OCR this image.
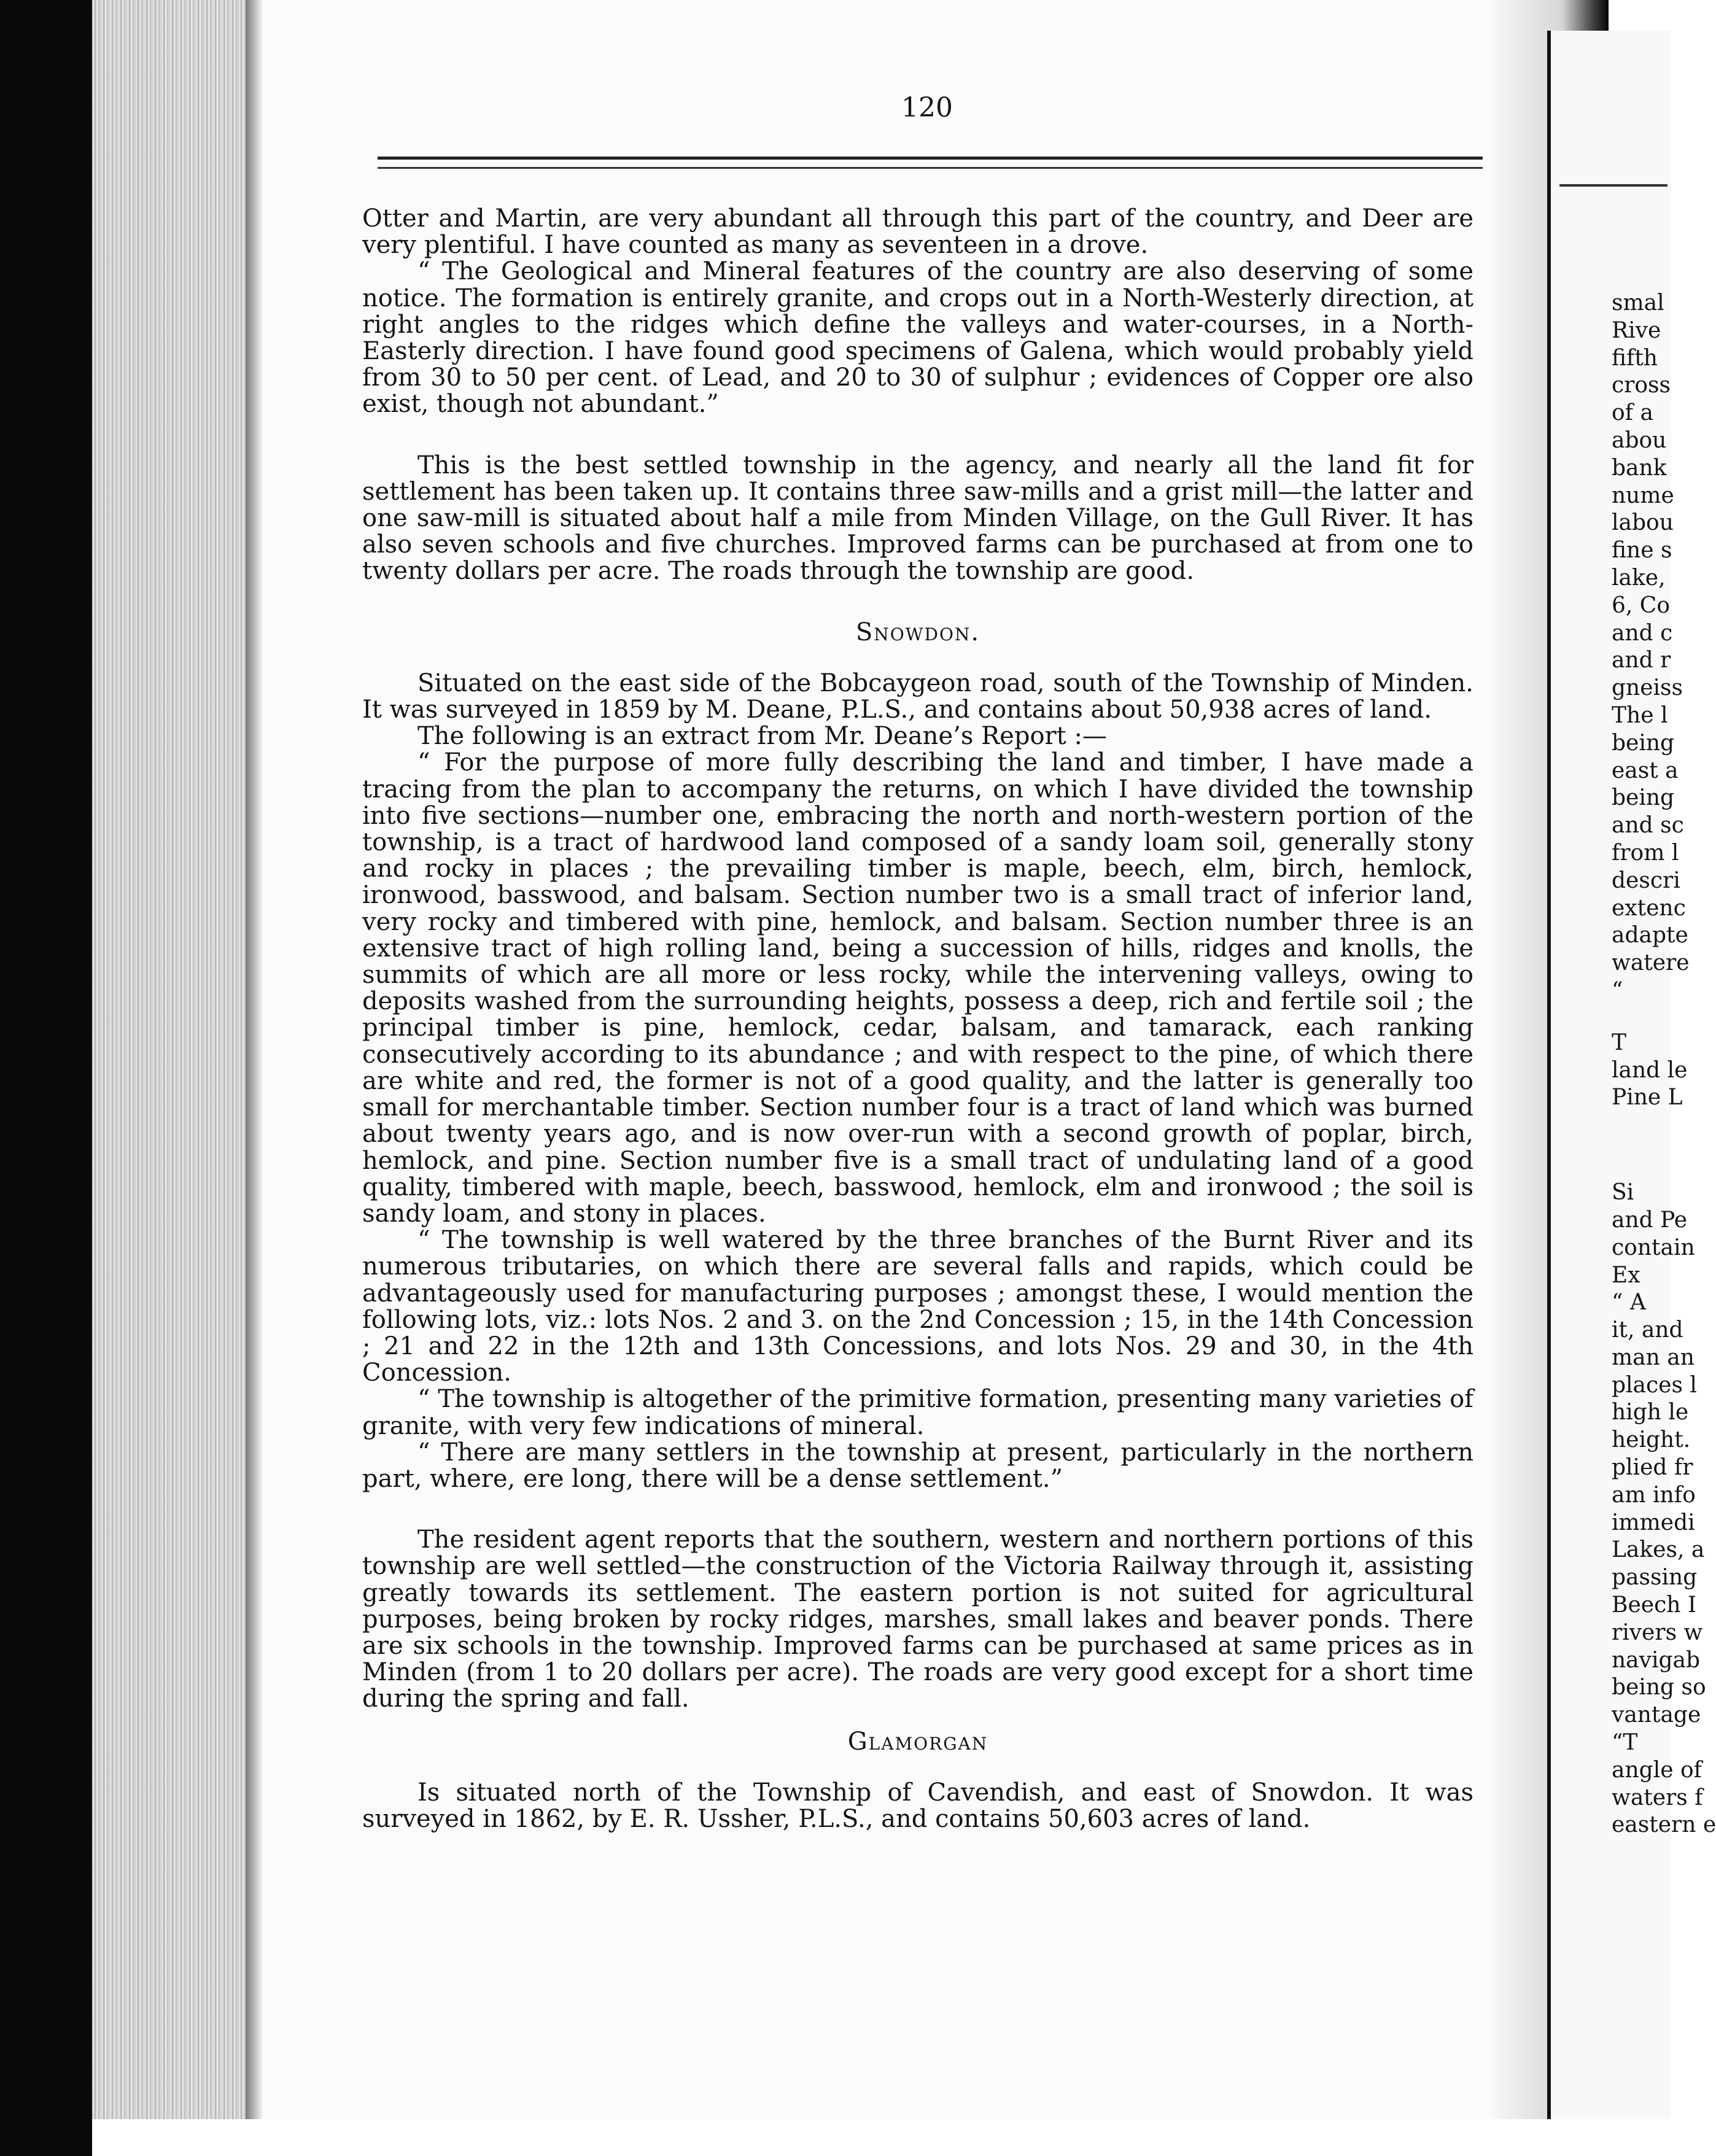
120

Otter and Martin, are very abundant all through this part of the country, and Deer are very plentiful. I have counted as many as seventeen in a drove.

“ The Geological and Mineral features of the country are also deserving of some notice. The formation is entirely granite, and crops out in a North-Westerly direction, at right angles to the ridges which define the valleys and water-courses, in a North-Easterly direction. I have found good specimens of Galena, which would probably yield from 30 to 50 per cent. of Lead, and 20 to 30 of sulphur ; evidences of Copper ore also exist, though not abundant.”

This is the best settled township in the agency, and nearly all the land fit for settlement has been taken up. It contains three saw-mills and a grist mill—the latter and one saw-mill is situated about half a mile from Minden Village, on the Gull River. It has also seven schools and five churches. Improved farms can be purchased at from one to twenty dollars per acre. The roads through the township are good.

Snowdon.

Situated on the east side of the Bobcaygeon road, south of the Township of Minden. It was surveyed in 1859 by M. Deane, P.L.S., and contains about 50,938 acres of land.

The following is an extract from Mr. Deane’s Report :—

“ For the purpose of more fully describing the land and timber, I have made a tracing from the plan to accompany the returns, on which I have divided the township into five sections—number one, embracing the north and north-western portion of the township, is a tract of hardwood land composed of a sandy loam soil, generally stony and rocky in places ; the prevailing timber is maple, beech, elm, birch, hemlock, ironwood, basswood, and balsam. Section number two is a small tract of inferior land, very rocky and timbered with pine, hemlock, and balsam. Section number three is an extensive tract of high rolling land, being a succession of hills, ridges and knolls, the summits of which are all more or less rocky, while the intervening valleys, owing to deposits washed from the surrounding heights, possess a deep, rich and fertile soil ; the principal timber is pine, hemlock, cedar, balsam, and tamarack, each ranking consecutively according to its abundance ; and with respect to the pine, of which there are white and red, the former is not of a good quality, and the latter is generally too small for merchantable timber. Section number four is a tract of land which was burned about twenty years ago, and is now over-run with a second growth of poplar, birch, hemlock, and pine. Section number five is a small tract of undulating land of a good quality, timbered with maple, beech, basswood, hemlock, elm and ironwood ; the soil is sandy loam, and stony in places.

“ The township is well watered by the three branches of the Burnt River and its numerous tributaries, on which there are several falls and rapids, which could be advantageously used for manufacturing purposes ; amongst these, I would mention the following lots, viz.: lots Nos. 2 and 3. on the 2nd Concession ; 15, in the 14th Concession ; 21 and 22 in the 12th and 13th Concessions, and lots Nos. 29 and 30, in the 4th Concession.

“ The township is altogether of the primitive formation, presenting many varieties of granite, with very few indications of mineral.

“ There are many settlers in the township at present, particularly in the northern part, where, ere long, there will be a dense settlement.”

The resident agent reports that the southern, western and northern portions of this township are well settled—the construction of the Victoria Railway through it, assisting greatly towards its settlement. The eastern portion is not suited for agricultural purposes, being broken by rocky ridges, marshes, small lakes and beaver ponds. There are six schools in the township. Improved farms can be purchased at same prices as in Minden (from 1 to 20 dollars per acre). The roads are very good except for a short time during the spring and fall.

Glamorgan

Is situated north of the Township of Cavendish, and east of Snowdon. It was surveyed in 1862, by E. R. Ussher, P.L.S., and contains 50,603 acres of land.

smal
Rive
fifth
cross
of a
abou
bank
nume
labou
fine s
lake,
6, Co
and c
and r
gneiss
The l
being
east a
being
and sc
from l
descri
extenc
adapte
watere
“
T
land le
Pine L
Si
and Pe
contain
Ex
“ A
it, and
man an
places l
high le
height.
plied fr
am info
immedi
Lakes, a
passing
Beech I
rivers w
navigab
being so
vantage
“T
angle of
waters f
eastern e
